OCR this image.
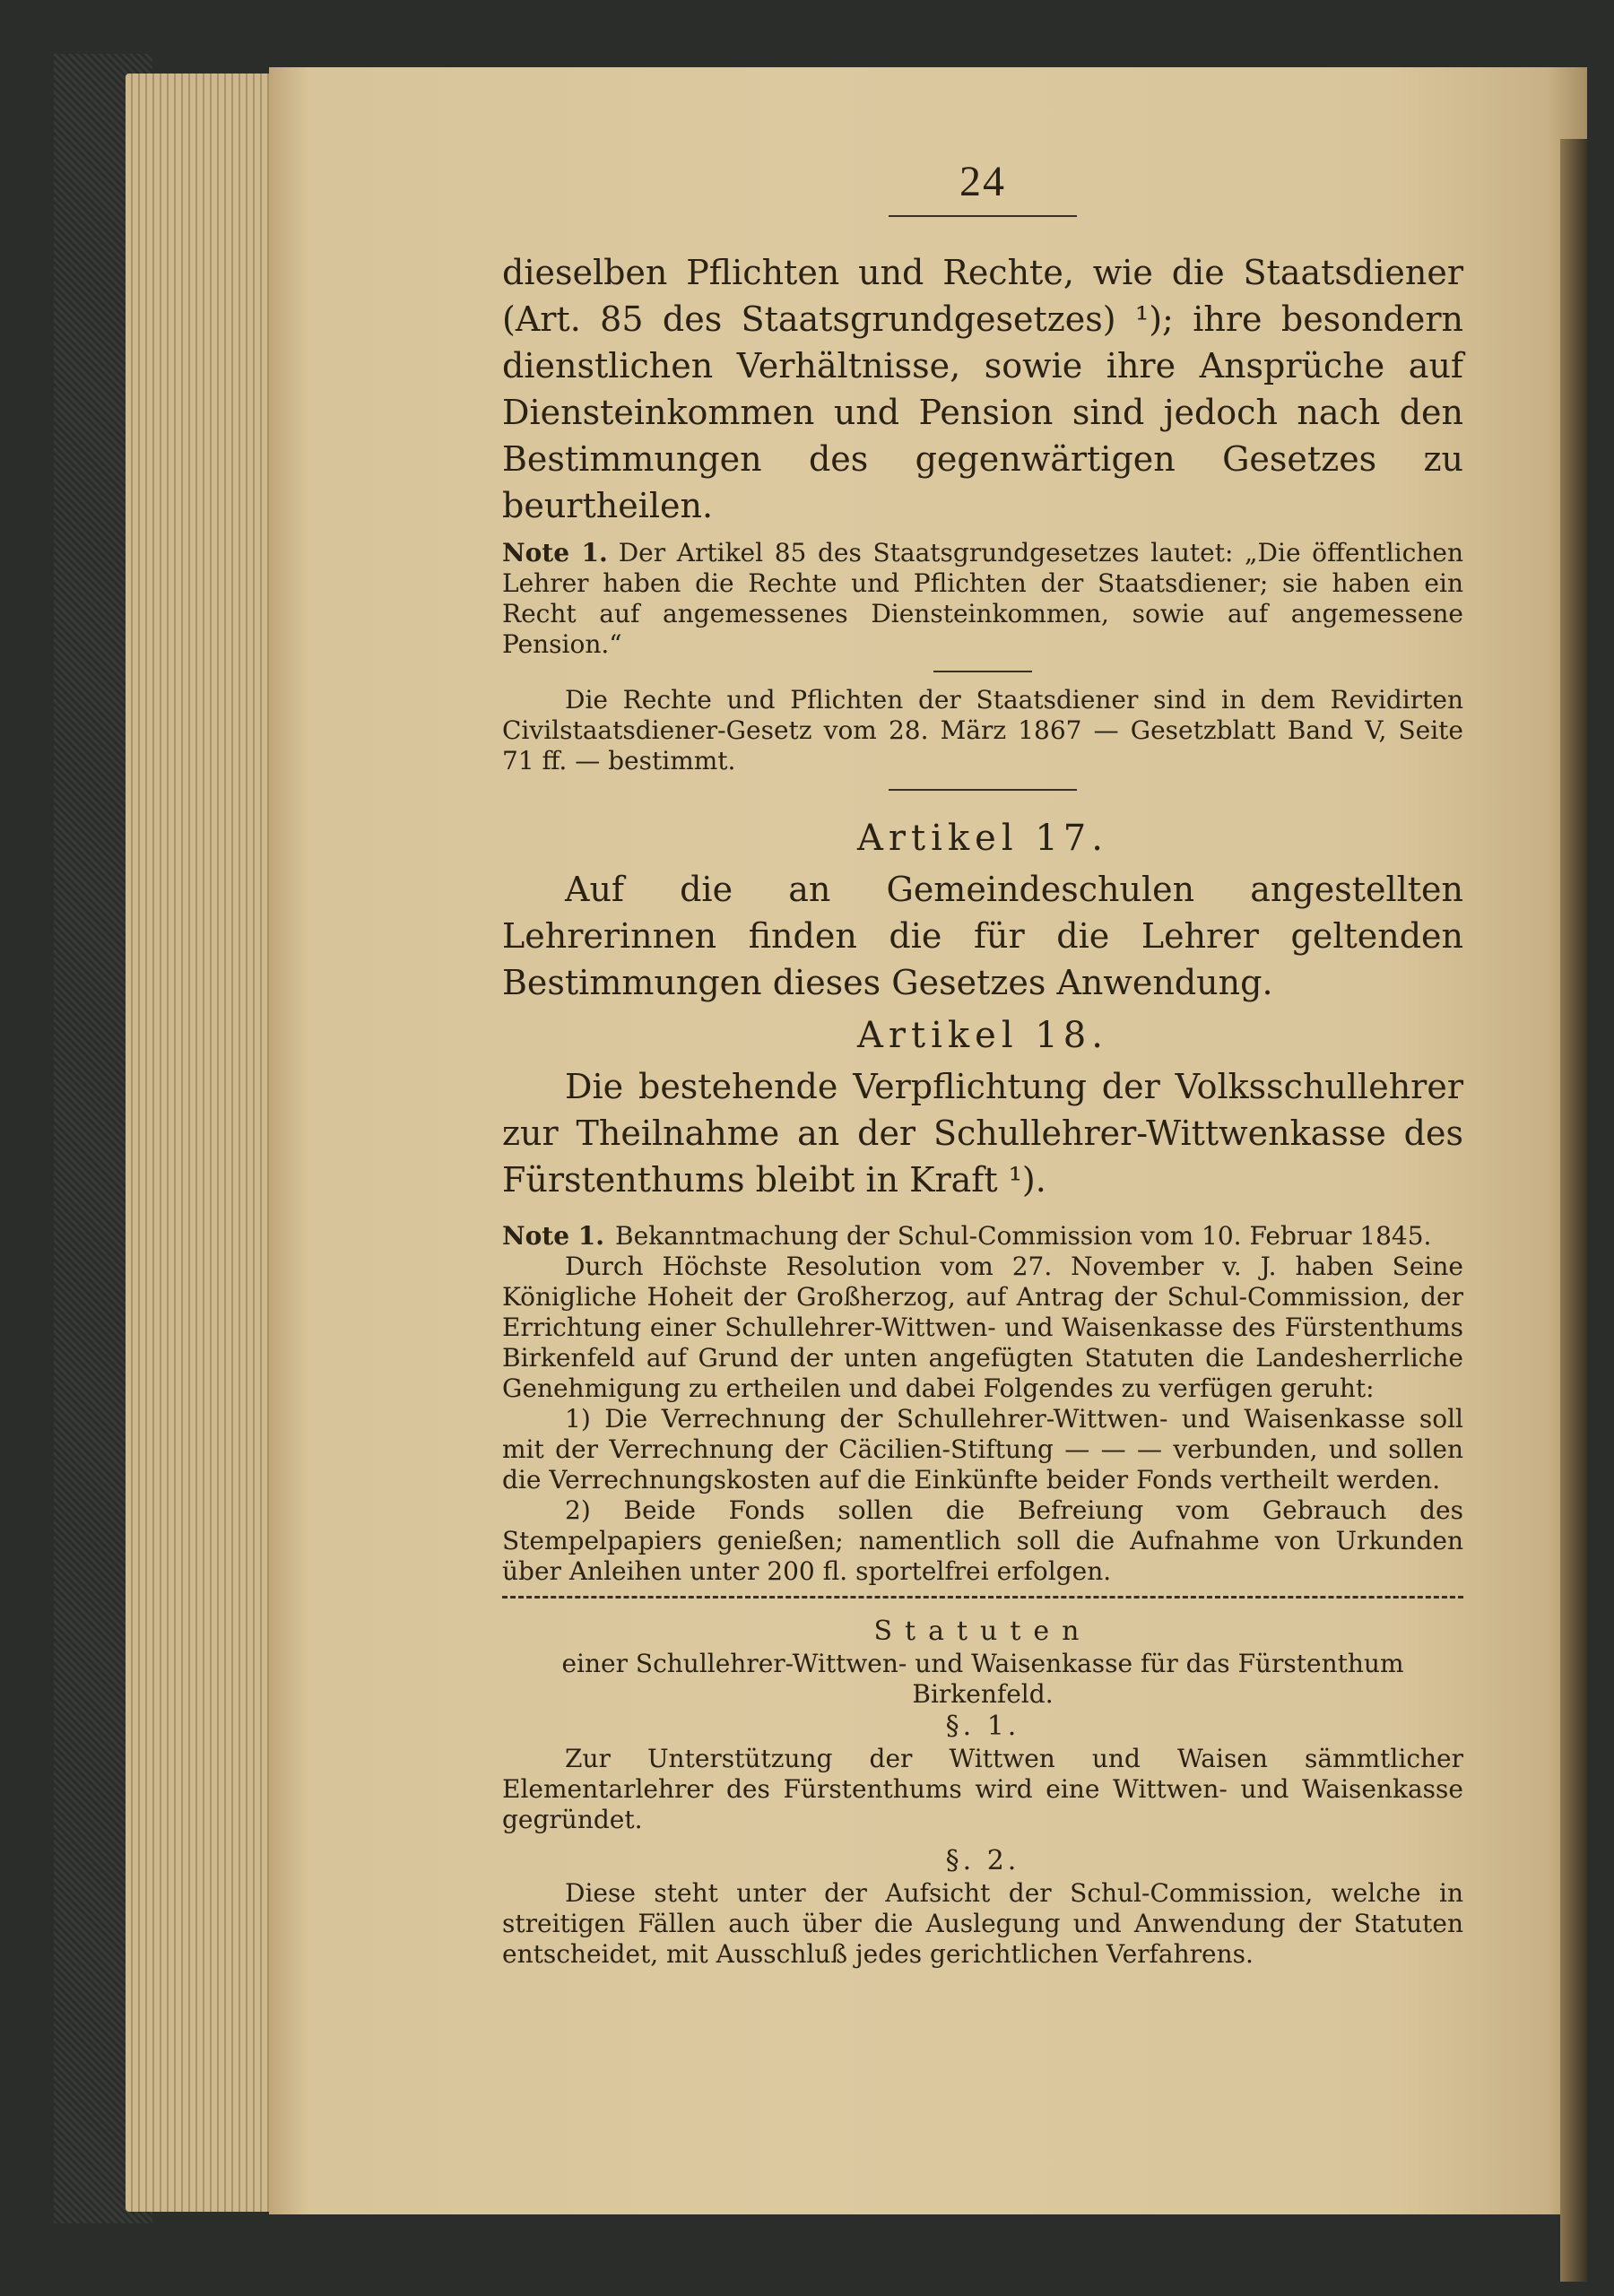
24

dieselben Pflichten und Rechte, wie die Staatsdiener (Art. 85 des Staatsgrundgesetzes) ¹); ihre besondern dienstlichen Verhältnisse, sowie ihre Ansprüche auf Diensteinkommen und Pension sind jedoch nach den Bestimmungen des gegenwärtigen Gesetzes zu beurtheilen.

Note 1. Der Artikel 85 des Staatsgrundgesetzes lautet: „Die öffentlichen Lehrer haben die Rechte und Pflichten der Staatsdiener; sie haben ein Recht auf angemessenes Diensteinkommen, sowie auf angemessene Pension.“

Die Rechte und Pflichten der Staatsdiener sind in dem Revidirten Civilstaatsdiener-Gesetz vom 28. März 1867 — Gesetzblatt Band V, Seite 71 ff. — bestimmt.

Artikel 17.

Auf die an Gemeindeschulen angestellten Lehrerinnen finden die für die Lehrer geltenden Bestimmungen dieses Gesetzes Anwendung.

Artikel 18.

Die bestehende Verpflichtung der Volksschullehrer zur Theilnahme an der Schullehrer-Wittwenkasse des Fürstenthums bleibt in Kraft ¹).

Note 1. Bekanntmachung der Schul-Commission vom 10. Februar 1845.

Durch Höchste Resolution vom 27. November v. J. haben Seine Königliche Hoheit der Großherzog, auf Antrag der Schul-Commission, der Errichtung einer Schullehrer-Wittwen- und Waisenkasse des Fürstenthums Birkenfeld auf Grund der unten angefügten Statuten die Landesherrliche Genehmigung zu ertheilen und dabei Folgendes zu verfügen geruht:

1) Die Verrechnung der Schullehrer-Wittwen- und Waisenkasse soll mit der Verrechnung der Cäcilien-Stiftung — — — verbunden, und sollen die Verrechnungskosten auf die Einkünfte beider Fonds vertheilt werden.

2) Beide Fonds sollen die Befreiung vom Gebrauch des Stempelpapiers genießen; namentlich soll die Aufnahme von Urkunden über Anleihen unter 200 fl. sportelfrei erfolgen.

Statuten

einer Schullehrer-Wittwen- und Waisenkasse für das Fürstenthum Birkenfeld.

§. 1.

Zur Unterstützung der Wittwen und Waisen sämmtlicher Elementarlehrer des Fürstenthums wird eine Wittwen- und Waisenkasse gegründet.

§. 2.

Diese steht unter der Aufsicht der Schul-Commission, welche in streitigen Fällen auch über die Auslegung und Anwendung der Statuten entscheidet, mit Ausschluß jedes gerichtlichen Verfahrens.
